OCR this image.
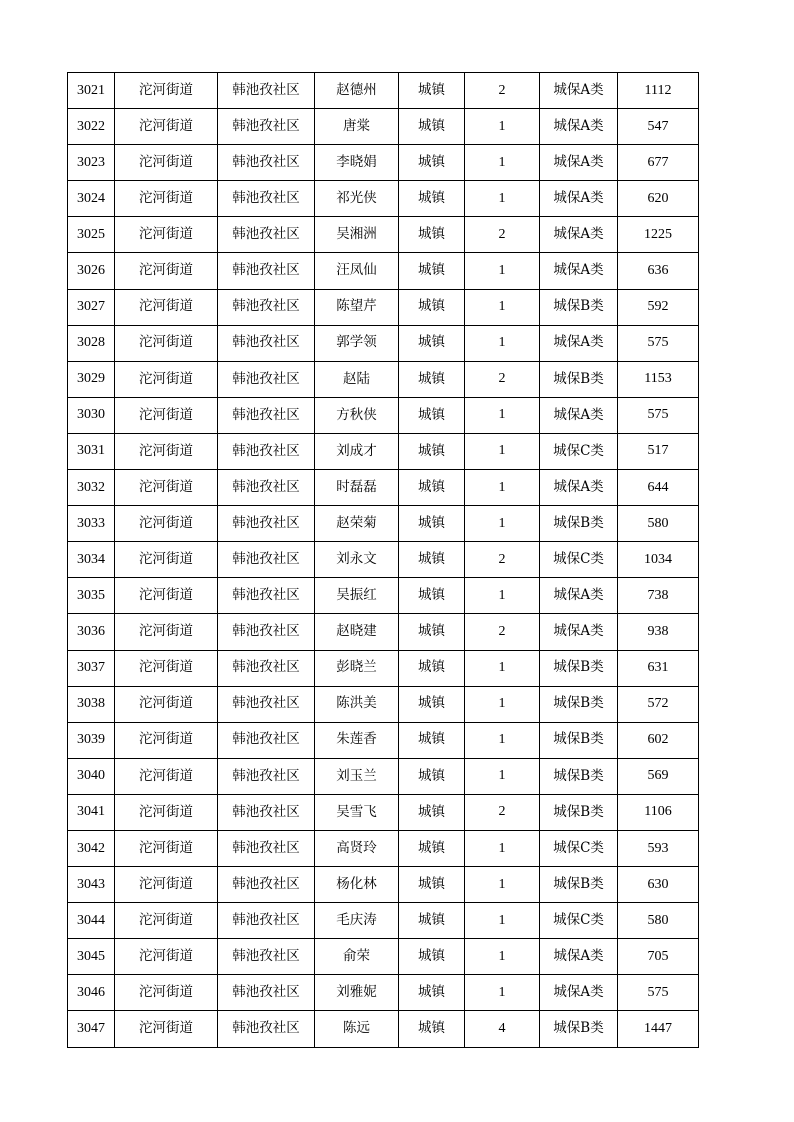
3021	沱河街道	韩池孜社区	赵德州	城镇	2	城保A类	1112
3022	沱河街道	韩池孜社区	唐棠	城镇	1	城保A类	547
3023	沱河街道	韩池孜社区	李晓娟	城镇	1	城保A类	677
3024	沱河街道	韩池孜社区	祁光侠	城镇	1	城保A类	620
3025	沱河街道	韩池孜社区	吴湘洲	城镇	2	城保A类	1225
3026	沱河街道	韩池孜社区	汪凤仙	城镇	1	城保A类	636
3027	沱河街道	韩池孜社区	陈望芹	城镇	1	城保B类	592
3028	沱河街道	韩池孜社区	郭学领	城镇	1	城保A类	575
3029	沱河街道	韩池孜社区	赵陆	城镇	2	城保B类	1153
3030	沱河街道	韩池孜社区	方秋侠	城镇	1	城保A类	575
3031	沱河街道	韩池孜社区	刘成才	城镇	1	城保C类	517
3032	沱河街道	韩池孜社区	时磊磊	城镇	1	城保A类	644
3033	沱河街道	韩池孜社区	赵荣菊	城镇	1	城保B类	580
3034	沱河街道	韩池孜社区	刘永文	城镇	2	城保C类	1034
3035	沱河街道	韩池孜社区	吴振红	城镇	1	城保A类	738
3036	沱河街道	韩池孜社区	赵晓建	城镇	2	城保A类	938
3037	沱河街道	韩池孜社区	彭晓兰	城镇	1	城保B类	631
3038	沱河街道	韩池孜社区	陈洪美	城镇	1	城保B类	572
3039	沱河街道	韩池孜社区	朱莲香	城镇	1	城保B类	602
3040	沱河街道	韩池孜社区	刘玉兰	城镇	1	城保B类	569
3041	沱河街道	韩池孜社区	吴雪飞	城镇	2	城保B类	1106
3042	沱河街道	韩池孜社区	高贤玲	城镇	1	城保C类	593
3043	沱河街道	韩池孜社区	杨化林	城镇	1	城保B类	630
3044	沱河街道	韩池孜社区	毛庆涛	城镇	1	城保C类	580
3045	沱河街道	韩池孜社区	俞荣	城镇	1	城保A类	705
3046	沱河街道	韩池孜社区	刘雅妮	城镇	1	城保A类	575
3047	沱河街道	韩池孜社区	陈远	城镇	4	城保B类	1447
